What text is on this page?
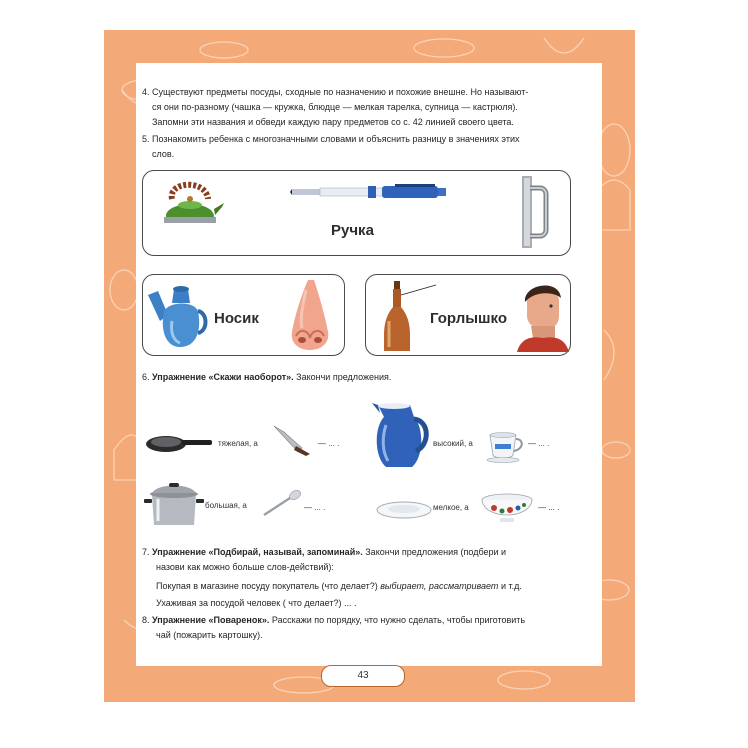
4. Существуют предметы посуды, сходные по назначению и похожие внешне. Но называют-
ся они по-разному (чашка — кружка, блюдце — мелкая тарелка, супница — кастрюля).
Запомни эти названия и обведи каждую пару предметов со с. 42 линией своего цвета.
5. Познакомить ребенка с многозначными словами и объяснить разницу в значениях этих
слов.
Ручка
Носик	Горлышко
6. Упражнение «Скажи наоборот». Закончи предложения.
тяжелая, а	— ... .	высокий, а	— ... .
большая, а	— ... .	мелкое, а	— ... .
7. Упражнение «Подбирай, называй, запоминай». Закончи предложения (подбери и
назови как можно больше слов-действий):
Покупая в магазине посуду покупатель (что делает?) выбирает, рассматривает и т.д.
Ухаживая за посудой человек ( что делает?) ... .
8. Упражнение «Поваренок». Расскажи по порядку, что нужно сделать, чтобы приготовить
чай (пожарить картошку).
43
